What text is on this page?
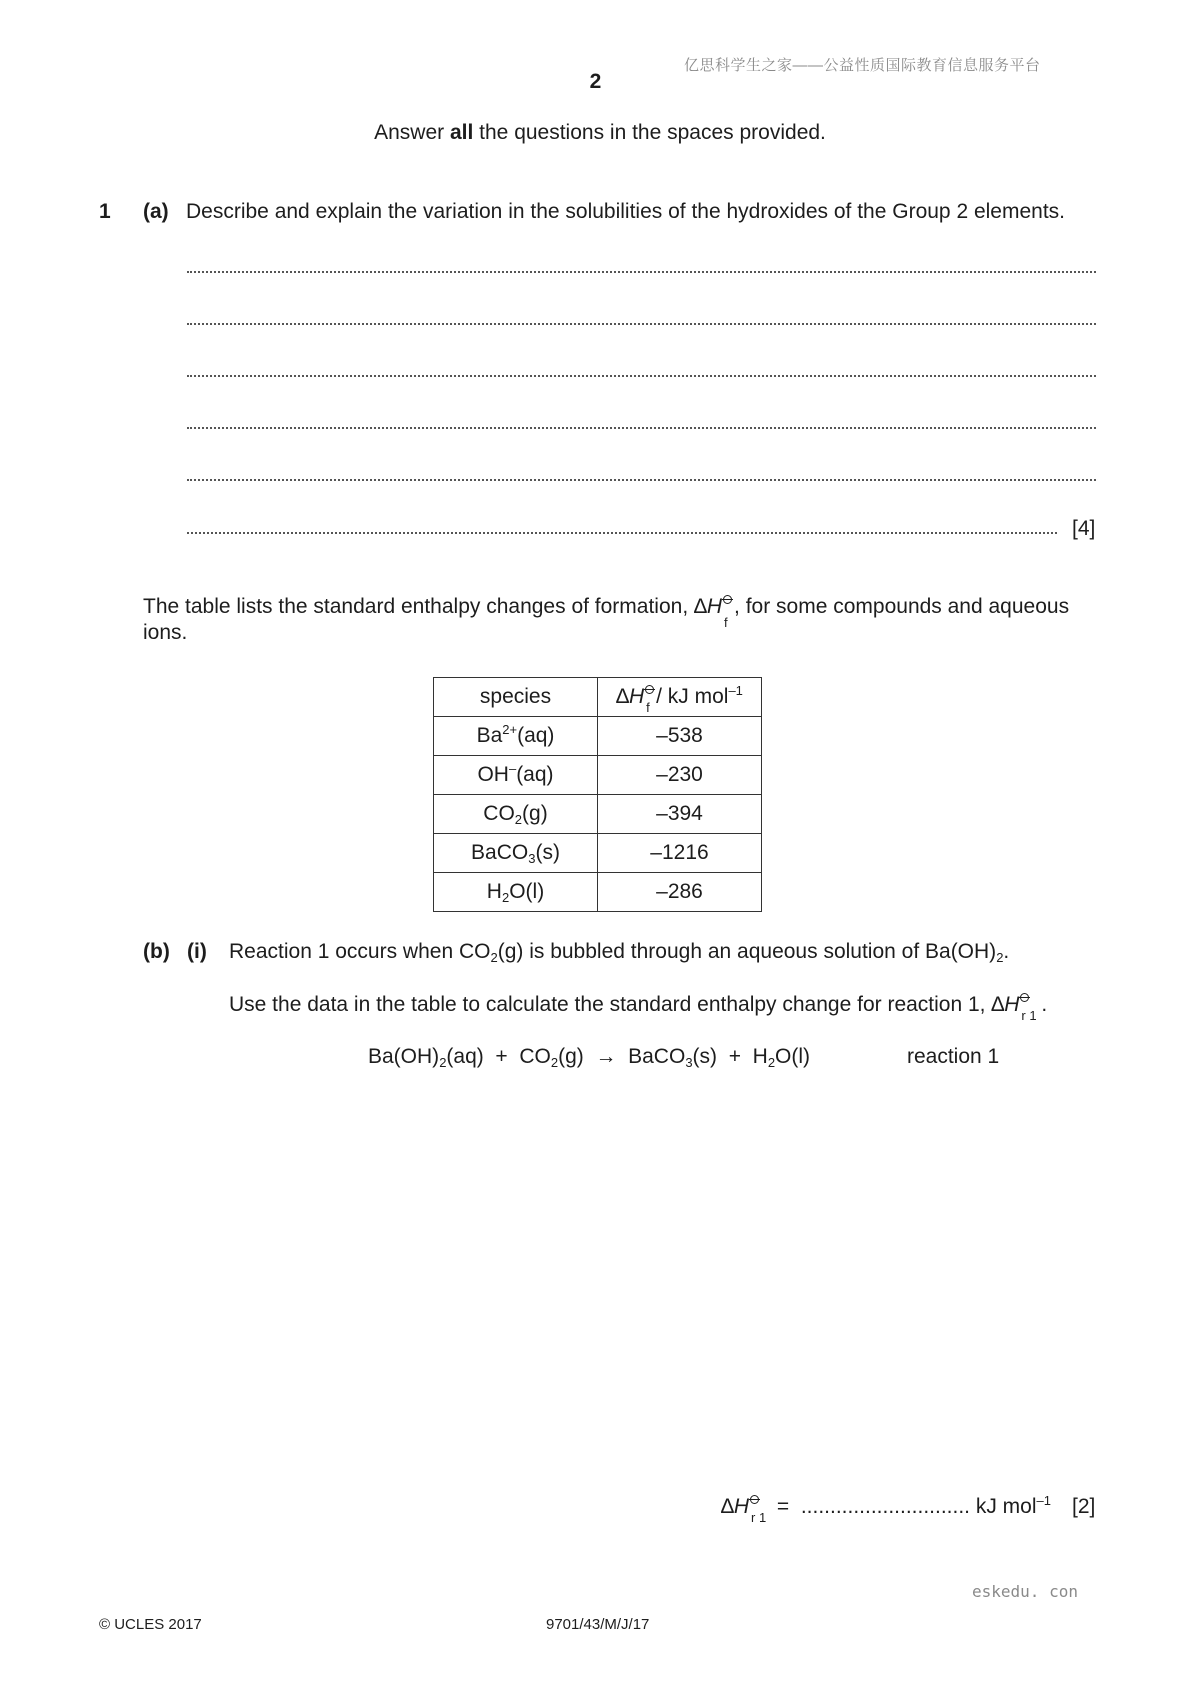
亿思科学生之家——公益性质国际教育信息服务平台
2
Answer all the questions in the spaces provided.
1 (a) Describe and explain the variation in the solubilities of the hydroxides of the Group 2 elements.
[4]
The table lists the standard enthalpy changes of formation, ∆H
f
, for some compounds and aqueous ions.
species	∆H f / kJ mol$^{-1}$
$Ba^{2+}(aq)$	–538
OH–(aq)	–230
$CO_2(g)$	–394
BaCO$_3$(s)	–1216
$H_2O(l)$	–286
(b) (i) Reaction 1 occurs when $CO_2(g)$ is bubbled through an aqueous solution of $Ba(OH)_2$.
Use the data in the table to calculate the standard enthalpy change for reaction 1, ∆H r 1 .
$Ba(OH)_2(aq) + CO_2(g)$  →  BaCO$_3$(s)  +  $H_2O(l)$	reaction 1
∆H r 1 =  ............................. kJ mol$^{-1}$ [2]
eskedu. con
© UCLES 2017	9701/43/M/J/17
